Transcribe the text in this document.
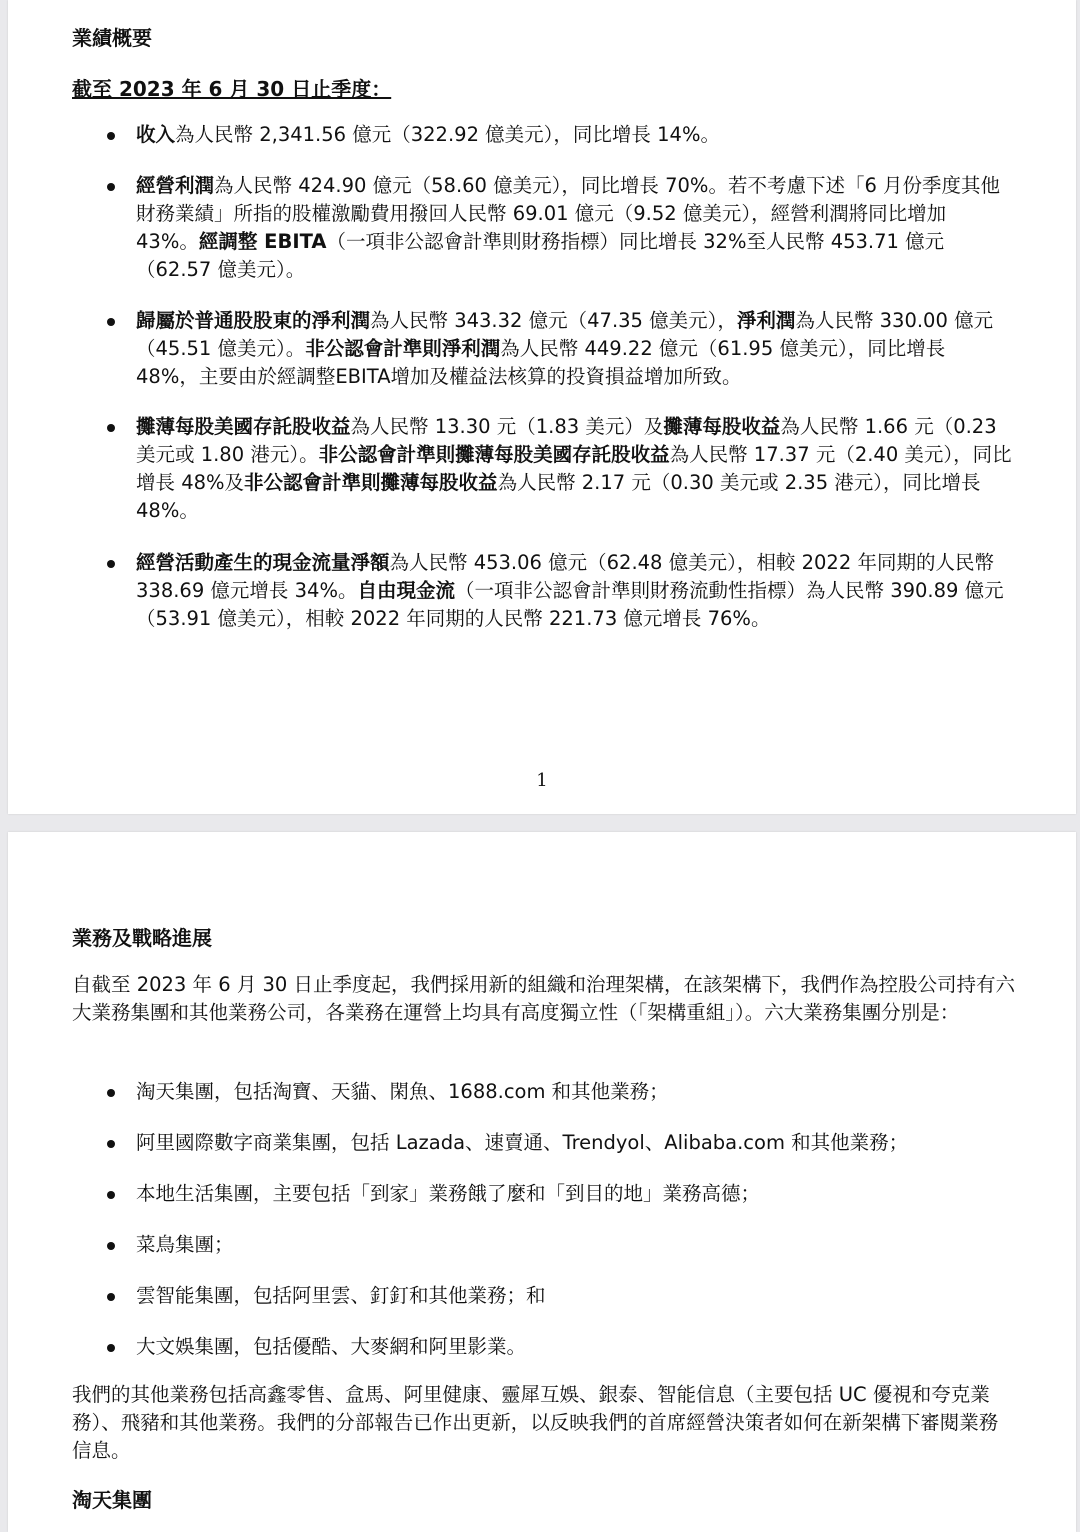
業績概要
截至 2023 年 6 月 30 日止季度：
收入為人民幣 2,341.56 億元（322.92 億美元），同比增長 14%。
經營利潤為人民幣 424.90 億元（58.60 億美元），同比增長 70%。若不考慮下述「6 月份季度其他財務業績」所指的股權激勵費用撥回人民幣 69.01 億元（9.52 億美元），經營利潤將同比增加 43%。經調整 EBITA（一項非公認會計準則財務指標）同比增長 32%至人民幣 453.71 億元（62.57 億美元）。
歸屬於普通股股東的淨利潤為人民幣 343.32 億元（47.35 億美元），淨利潤為人民幣 330.00 億元（45.51 億美元）。非公認會計準則淨利潤為人民幣 449.22 億元（61.95 億美元），同比增長 48%，主要由於經調整EBITA增加及權益法核算的投資損益增加所致。
攤薄每股美國存託股收益為人民幣 13.30 元（1.83 美元）及攤薄每股收益為人民幣 1.66 元（0.23 美元或 1.80 港元）。非公認會計準則攤薄每股美國存託股收益為人民幣 17.37 元（2.40 美元），同比增長 48%及非公認會計準則攤薄每股收益為人民幣 2.17 元（0.30 美元或 2.35 港元），同比增長 48%。
經營活動產生的現金流量淨額為人民幣 453.06 億元（62.48 億美元），相較 2022 年同期的人民幣 338.69 億元增長 34%。自由現金流（一項非公認會計準則財務流動性指標）為人民幣 390.89 億元（53.91 億美元），相較 2022 年同期的人民幣 221.73 億元增長 76%。
1
業務及戰略進展
自截至 2023 年 6 月 30 日止季度起，我們採用新的組織和治理架構，在該架構下，我們作為控股公司持有六大業務集團和其他業務公司，各業務在運營上均具有高度獨立性（「架構重組」）。六大業務集團分別是：
淘天集團，包括淘寶、天貓、閑魚、1688.com 和其他業務；
阿里國際數字商業集團，包括 Lazada、速賣通、Trendyol、Alibaba.com 和其他業務；
本地生活集團，主要包括「到家」業務餓了麼和「到目的地」業務高德；
菜鳥集團；
雲智能集團，包括阿里雲、釘釘和其他業務；和
大文娛集團，包括優酷、大麥網和阿里影業。
我們的其他業務包括高鑫零售、盒馬、阿里健康、靈犀互娛、銀泰、智能信息（主要包括 UC 優視和夸克業務）、飛豬和其他業務。我們的分部報告已作出更新，以反映我們的首席經營決策者如何在新架構下審閱業務信息。
淘天集團
